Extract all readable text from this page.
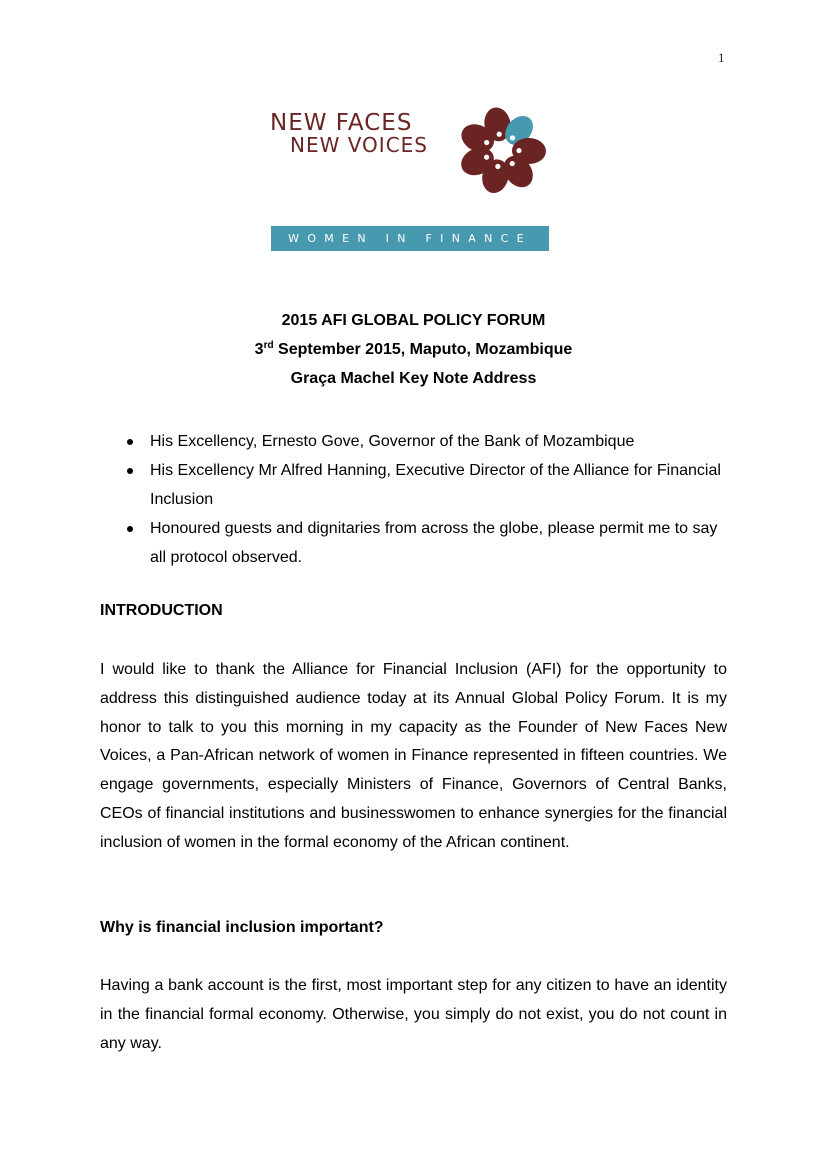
1
NEW FACES
NEW VOICES
WOMEN IN FINANCE
2015 AFI GLOBAL POLICY FORUM
3rd September 2015, Maputo, Mozambique
Graça Machel Key Note Address
His Excellency, Ernesto Gove, Governor of the Bank of Mozambique
His Excellency Mr Alfred Hanning, Executive Director of the Alliance for Financial Inclusion
Honoured guests and dignitaries from across the globe, please permit me to say all protocol observed.
INTRODUCTION

I would like to thank the Alliance for Financial Inclusion (AFI) for the opportunity to address this distinguished audience today at its Annual Global Policy Forum. It is my honor to talk to you this morning in my capacity as the Founder of New Faces New Voices, a Pan-African network of women in Finance represented in fifteen countries. We engage governments, especially Ministers of Finance, Governors of Central Banks, CEOs of financial institutions and businesswomen to enhance synergies for the financial inclusion of women in the formal economy of the African continent.

Why is financial inclusion important?

Having a bank account is the first, most important step for any citizen to have an identity in the financial formal economy. Otherwise, you simply do not exist, you do not count in any way.
